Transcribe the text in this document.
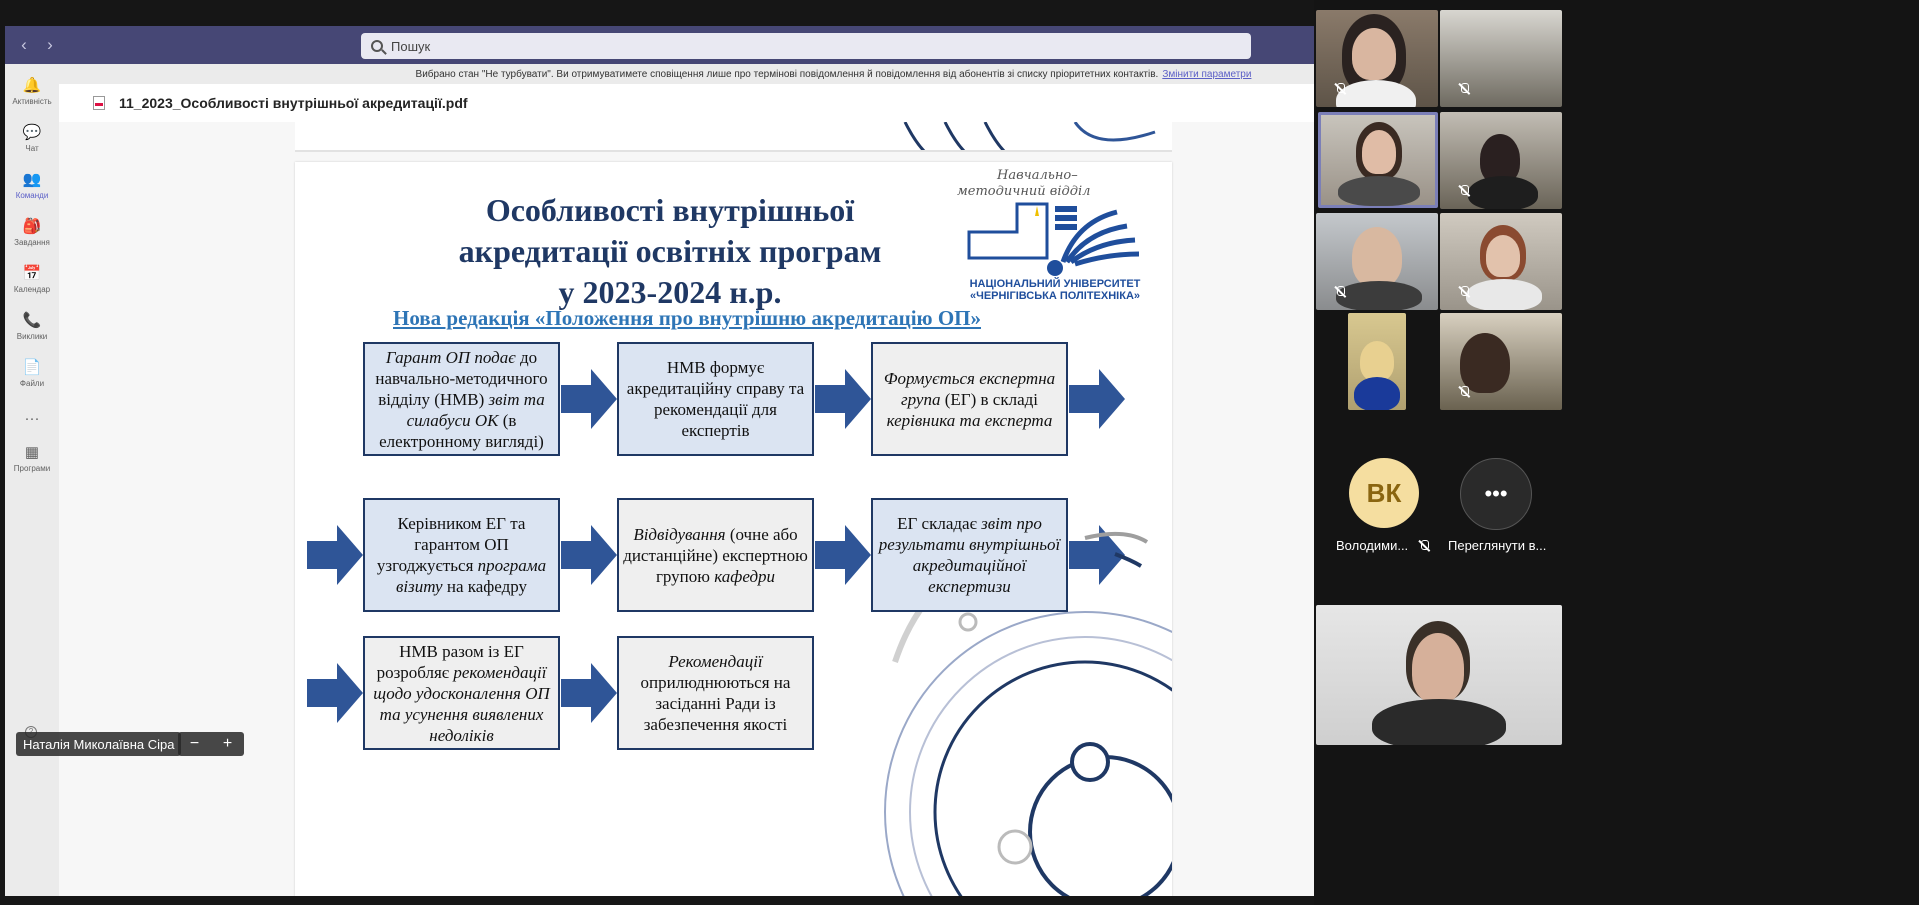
‹	›	Пошук
🔔
Активність
💬
Чат
👥
Команди
🎒
Завдання
📅
Календар
📞
Виклики
📄
Файли
···
▦
Програми
Вибрано стан "Не турбувати". Ви отримуватимете сповіщення лише про термінові повідомлення й повідомлення від абонентів зі списку пріоритетних контактів. Змінити параметри
11_2023_Особливості внутрішньої акредитації.pdf
Особливості внутрішньої
акредитації освітніх програм
у 2023-2024 н.р.
Навчально–
методичний відділ
НАЦІОНАЛЬНИЙ УНІВЕРСИТЕТ
«ЧЕРНІГІВСЬКА ПОЛІТЕХНІКА»
Нова редакція «Положення про внутрішню акредитацію ОП»
Гарант ОП подає до навчально-методичного відділу (НМВ) звіт та силабуси ОК (в електронному вигляді)
НМВ формує акредитаційну справу та рекомендації для експертів
Формується експертна група (ЕГ) в складі керівника та експерта
Керівником ЕГ та гарантом ОП узгоджується програма візиту на кафедру
Відвідування (очне або дистанційне) експертною групою кафедри
ЕГ складає звіт про результати внутрішньої акредитаційної експертизи
НМВ разом із ЕГ розробляє рекомендації щодо удосконалення ОП та усунення виявлених недоліків
Рекомендації оприлюднюються на засіданні Ради із забезпечення якості
Наталія Миколаївна Сіра − +
ВК
Володими...
•••
Переглянути в...
